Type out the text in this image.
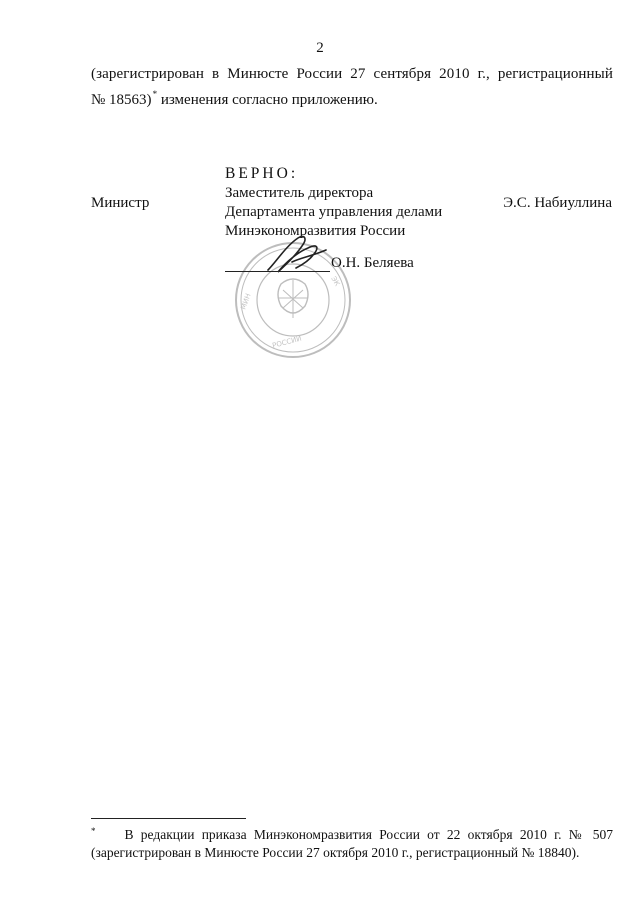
2
(зарегистрирован в Минюсте России 27 сентября 2010 г., регистрационный
№ 18563)* изменения согласно приложению.
МИН
ЭК
РОССИИ
ВЕРНО:
Заместитель директора
Департамента управления делами
Минэкономразвития России
Министр	Э.С. Набиуллина
О.Н. Беляева
* В редакции приказа Минэкономразвития России от 22 октября 2010 г. № 507
(зарегистрирован в Минюсте России 27 октября 2010 г., регистрационный № 18840).
